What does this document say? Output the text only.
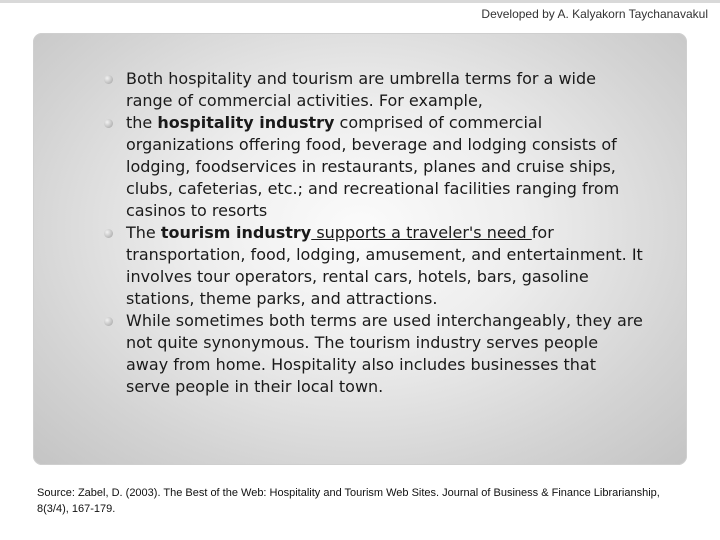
Developed by A. Kalyakorn Taychanavakul
Both hospitality and tourism are umbrella terms for a wide range of commercial activities. For example,
the hospitality industry comprised of commercial organizations offering food, beverage and lodging consists of lodging, foodservices in restaurants, planes and cruise ships, clubs, cafeterias, etc.; and recreational facilities ranging from casinos to resorts
The tourism industry supports a traveler's need for transportation, food, lodging, amusement, and entertainment. It involves tour operators, rental cars, hotels, bars, gasoline stations, theme parks, and attractions.
While sometimes both terms are used interchangeably, they are not quite synonymous. The tourism industry serves people away from home. Hospitality also includes businesses that serve people in their local town.
Source: Zabel, D. (2003). The Best of the Web: Hospitality and Tourism Web Sites. Journal of Business & Finance Librarianship, 8(3/4), 167-179.
